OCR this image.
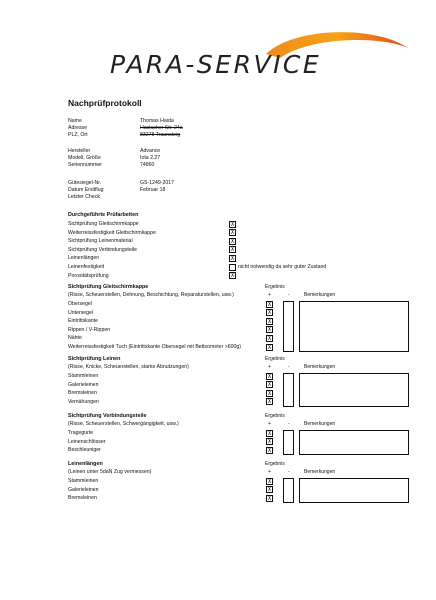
PARA-SERVICE
Nachprüfprotokoll
Name	Thomas Haida
Adresse	Haslacher Str. 24a
PLZ, Ort	83278 Traunsteig
Hersteller	Advance
Modell, Größe	Iota 2.27
Seriennummer	74860
Gütesiegel-Nr.	GS-1249-2017
Datum Ersitflug	Februar 18
Letzter Check
Durchgeführte Prüfarbeiten
Sichtprüfung Gleitschirmkappe	X
Weiterreissfestigkeit Gleitschirmkappe	X
Sichtprüfung Leinenmaterial	X
Sichtprüfung Verbindungsteile	X
Leinenlängen	X
Leinenfestigkeit
Porositätsprüfung	X
nicht notwendig da sehr guter Zustand
Sichtprüfung Gleitschirmkappe
(Risse, Scheuerstellen, Dehnung, Beschichtung, Reparaturstellen, usw.)
Ergebnis
+	-	Bemerkungen
Obersegel	X
Untersegel	X
Eintrittskante	X
Rippen / V-Rippen	X
Nähte	X
Weiterreissfestigkeit Tuch (Eintrittskante Obersegel mit Bettsometer >600g)	X
Sichtprüfung Leinen
(Risse, Knicke, Scheuerstellen, starke Abnutzungen)
Ergebnis
+	-	Bemerkungen
Stammleinen	X
Galerieleinen	X
Bremsleinen	X
Vernähungen	X
Sichtprüfung Verbindungsteile
(Risse, Scheuerstellen, Schwergängigkeit, usw.)
Ergebnis
+	-	Bemerkungen
Tragegurte	X
Leinenschlösser	X
Beschleuniger	X
Leinenlängen
(Leinen unter 5daN Zug vermessen)
Ergebnis
+	-	Bemerkungen
Stammleinen	X
Galerieleinen	X
Bremsleinen	X
